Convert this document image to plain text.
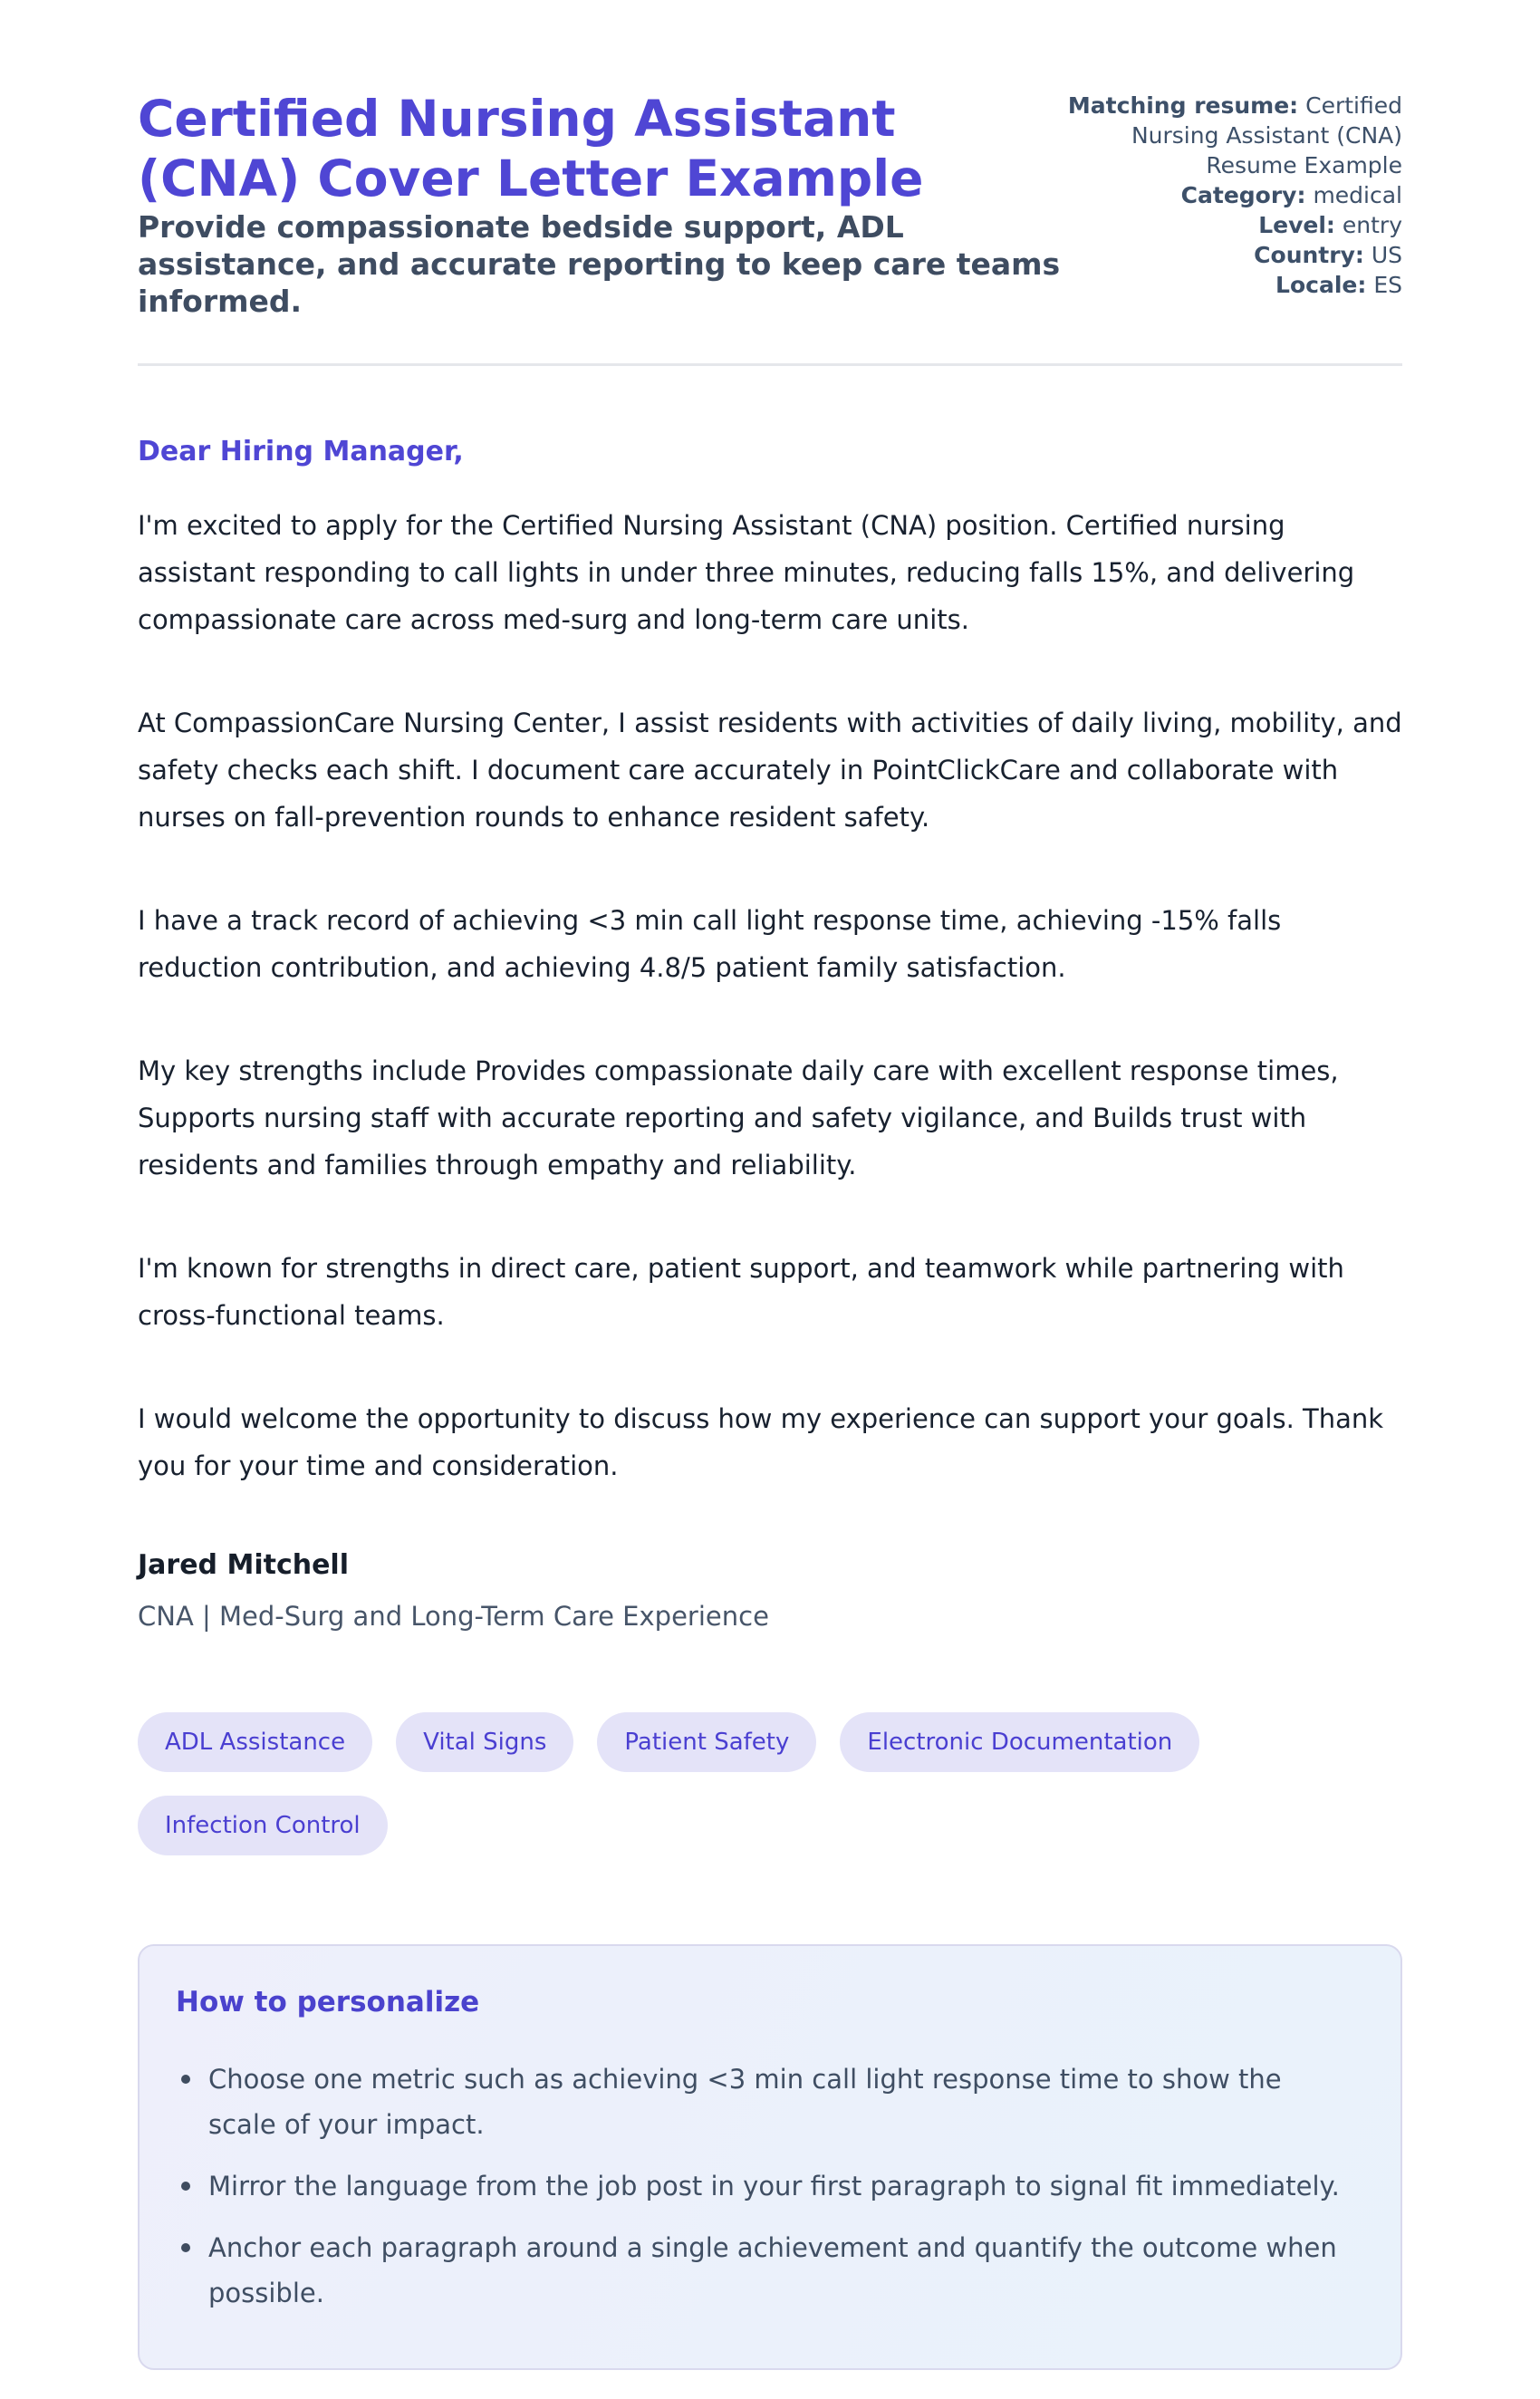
Certified Nursing Assistant (CNA) Cover Letter Example
Provide compassionate bedside support, ADL assistance, and accurate reporting to keep care teams informed.
Matching resume: Certified Nursing Assistant (CNA) Resume Example
Category: medical
Level: entry
Country: US
Locale: ES
Dear Hiring Manager,

I'm excited to apply for the Certified Nursing Assistant (CNA) position. Certified nursing assistant responding to call lights in under three minutes, reducing falls 15%, and delivering compassionate care across med-surg and long-term care units.

At CompassionCare Nursing Center, I assist residents with activities of daily living, mobility, and safety checks each shift. I document care accurately in PointClickCare and collaborate with nurses on fall-prevention rounds to enhance resident safety.

I have a track record of achieving <3 min call light response time, achieving -15% falls reduction contribution, and achieving 4.8/5 patient family satisfaction.

My key strengths include Provides compassionate daily care with excellent response times, Supports nursing staff with accurate reporting and safety vigilance, and Builds trust with residents and families through empathy and reliability.

I'm known for strengths in direct care, patient support, and teamwork while partnering with cross-functional teams.

I would welcome the opportunity to discuss how my experience can support your goals. Thank you for your time and consideration.

Jared Mitchell
CNA | Med-Surg and Long-Term Care Experience
ADL Assistance	Vital Signs	Patient Safety	Electronic Documentation
Infection Control
How to personalize
Choose one metric such as achieving <3 min call light response time to show the scale of your impact.
Mirror the language from the job post in your first paragraph to signal fit immediately.
Anchor each paragraph around a single achievement and quantify the outcome when possible.
